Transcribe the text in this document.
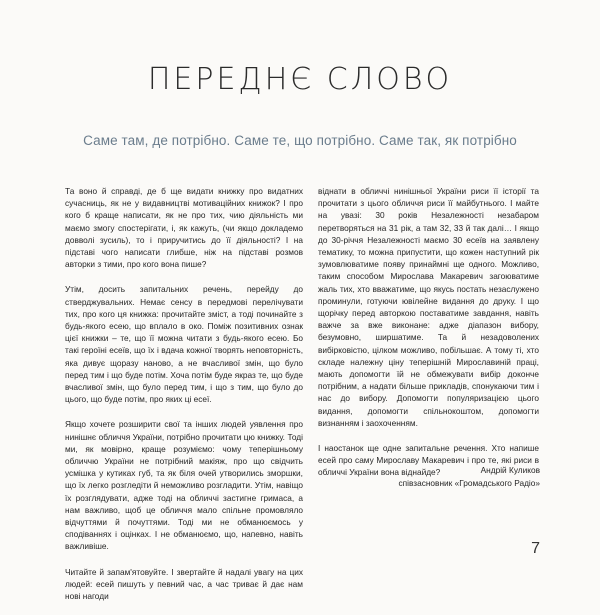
ПЕРЕДНЄ СЛОВО
Саме там, де потрібно. Саме те, що потрібно. Саме так, як потрібно

Та воно й справді, де б ще видати книжку про видатних сучасниць, як не у видавництві мотиваційних книжок? І про кого б краще написати, як не про тих, чию діяльність ми маємо змогу спостерігати, і, як кажуть, (чи якщо докладемо довволі зусиль), то і приручитись до її діяльності? І на підставі чого написати глибше, ніж на підставі розмов авторки з тими, про кого вона пише?

Утім, досить запитальних речень, перейду до стверджувальних. Немає сенсу в передмові перелічувати тих, про кого ця книжка: прочитайте зміст, а тоді починайте з будь-якого есею, що вплало в око. Поміж позитивних ознак цієї книжки – те, що її можна читати з будь-якого есею. Бо такі героїні есеїв, що їх і вдача кожної творять неповторність, яка дивує щоразу наново, а не вчасливої змін, що було перед тим і що буде потім. Хоча потім буде якраз те, що буде вчасливої змін, що було перед тим, і що з тим, що було до цього, що буде потім, про яких ці есеї.

Якщо хочете розширити свої та інших людей уявлення про нинішнє обличчя України, потрібно прочитати цю книжку. Тоді ми, як мовірно, краще розуміємо: чому теперішньому обличчю України не потрібний макіяж, про що свідчить усмішка у кутиках губ, та як біля очей утворились зморшки, що їх легко розгледіти й неможливо розгладити. Утім, навіщо їх розглядувати, адже тоді на обличчі застигне гримаса, а нам важливо, щоб це обличчя мало спільне промовляло відчуттями й почуттями. Тоді ми не обманюємось у сподіваннях і оцінках. І не обманюємо, що, напевно, навіть важливіше.

Читайте й запам'ятовуйте. І звертайте й надалі увагу на цих людей: есей пишуть у певний час, а час триває й дає нам нові нагоди

віднати в обличчі нинішньої України риси її історії та прочитати з цього обличчя риси її майбутнього. І майте на увазі: 30 років Незалежності незабаром перетворяться на 31 рік, а там 32, 33 й так далі… І якщо до 30-річчя Незалежності маємо 30 есеїв на заявлену тематику, то можна припустити, що кожен наступний рік зумовлюватиме появу принаймні ще одного. Можливо, таким способом Мирослава Макаревич загоюватиме жаль тих, хто вважатиме, що якусь постать незаслужено проминули, готуючи ювілейне видання до друку. І що щорічку перед авторкою поставатиме завдання, навіть важче за вже виконане: адже діапазон вибору, безумовно, ширшатиме. Та й незадоволених вибірковістю, цілком можливо, побільшає. А тому ті, хто складе належну ціну теперішній Мирославиній праці, мають допомогти їй не обмежувати вибір доконче потрібним, а надати більше прикладів, спонукаючи тим і нас до вибору. Допомогти популяризацією цього видання, допомогти спільнокоштом, допомогти визнанням і заохоченням.

І наостанок ще одне запитальне речення. Хто напише есей про саму Мирославу Макаревич і про те, які риси в обличчі України вона віднайде?	Андрій Куликов
співзасновник «Громадського Радіо»
7
